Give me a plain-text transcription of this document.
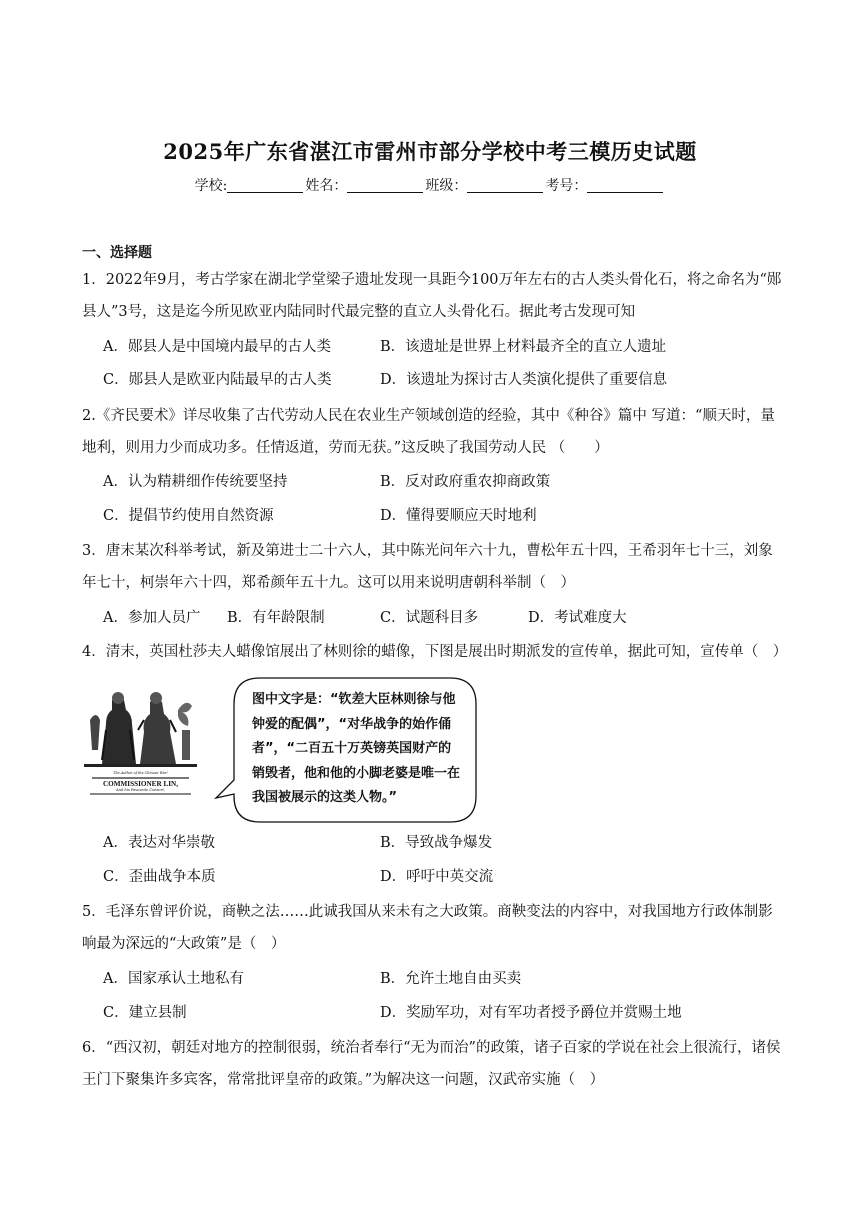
2025年广东省湛江市雷州市部分学校中考三模历史试题
学校:	姓名：	班级：	考号：
一、选择题
1．2022年9月，考古学家在湖北学堂梁子遗址发现一具距今100万年左右的古人类头骨化石，将之命名为“郧县人”3号，这是迄今所见欧亚内陆同时代最完整的直立人头骨化石。据此考古发现可知
A．郧县人是中国境内最早的古人类	B．该遗址是世界上材料最齐全的直立人遗址
C．郧县人是欧亚内陆最早的古人类	D．该遗址为探讨古人类演化提供了重要信息
2.《齐民要术》详尽收集了古代劳动人民在农业生产领域创造的经验，其中《种谷》篇中 写道：“顺天时，量地利，则用力少而成功多。任情返道，劳而无获。”这反映了我国劳动人民 （　　）
A．认为精耕细作传统要坚持	B．反对政府重农抑商政策
C．提倡节约使用自然资源	D．懂得要顺应天时地利
3．唐末某次科举考试，新及第进士二十六人，其中陈光问年六十九，曹松年五十四，王希羽年七十三，刘象年七十，柯崇年六十四，郑希颜年五十九。这可以用来说明唐朝科举制（　）
A．参加人员广 B．有年龄限制	C．试题科目多	D．考试难度大
4．清末，英国杜莎夫人蜡像馆展出了林则徐的蜡像，下图是展出时期派发的宣传单，据此可知，宣传单（　）
The Author of the Chinese War!
COMMISSIONER LIN,
And his Favourite Consort,
图中文字是：“钦差大臣林则徐与他
钟爱的配偶”，“对华战争的始作俑
者”，“二百五十万英镑英国财产的
销毁者，他和他的小脚老婆是唯一在
我国被展示的这类人物。”
A．表达对华崇敬	B．导致战争爆发
C．歪曲战争本质	D．呼吁中英交流
5．毛泽东曾评价说，商鞅之法……此诚我国从来未有之大政策。商鞅变法的内容中，对我国地方行政体制影响最为深远的“大政策”是（　）
A．国家承认土地私有	B．允许土地自由买卖
C．建立县制	D．奖励军功，对有军功者授予爵位并赏赐土地
6．“西汉初，朝廷对地方的控制很弱，统治者奉行“无为而治”的政策，诸子百家的学说在社会上很流行，诸侯王门下聚集许多宾客，常常批评皇帝的政策。”为解决这一问题，汉武帝实施（　）
